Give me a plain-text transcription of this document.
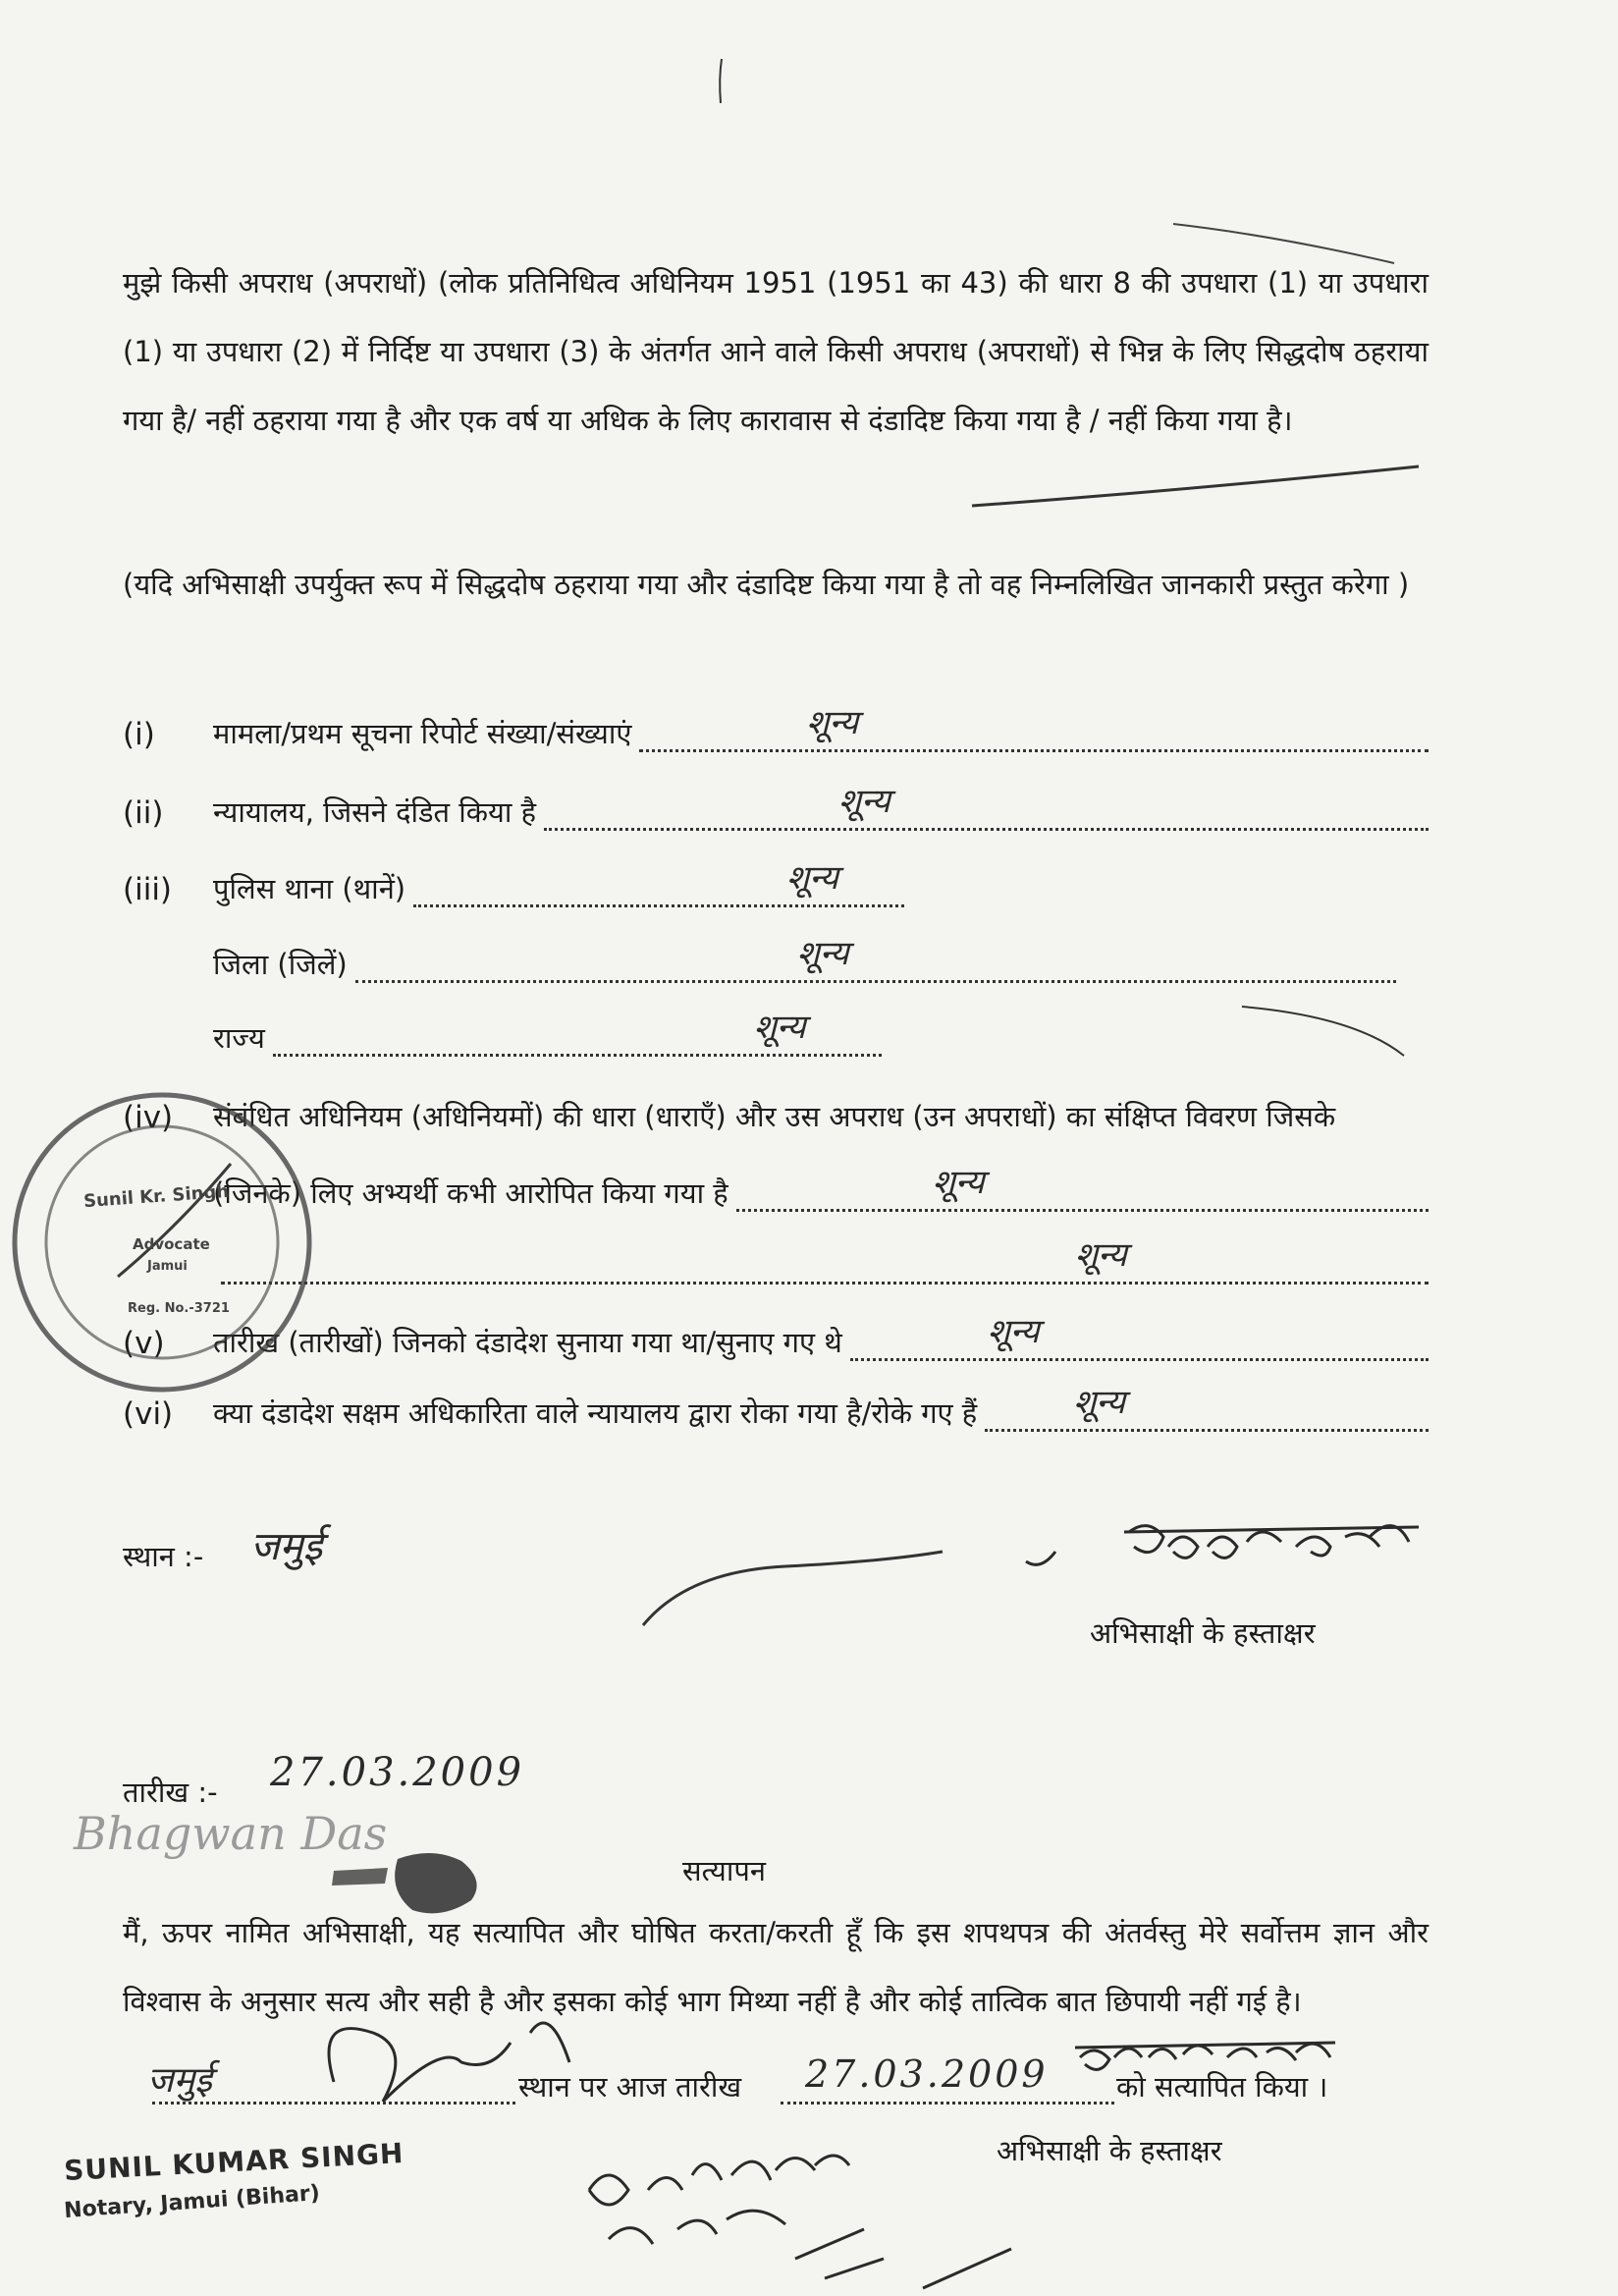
मुझे किसी अपराध (अपराधों) (लोक प्रतिनिधित्व अधिनियम 1951 (1951 का 43) की धारा 8 की उपधारा (1) या उपधारा (1) या उपधारा (2) में निर्दिष्ट या उपधारा (3) के अंतर्गत आने वाले किसी अपराध (अपराधों) से भिन्न के लिए सिद्धदोष ठहराया गया है/ नहीं ठहराया गया है और एक वर्ष या अधिक के लिए कारावास से दंडादिष्ट किया गया है / नहीं किया गया है।
(यदि अभिसाक्षी उपर्युक्त रूप में सिद्धदोष ठहराया गया और दंडादिष्ट किया गया है तो वह निम्नलिखित जानकारी प्रस्तुत करेगा )
(i)	मामला/प्रथम सूचना रिपोर्ट संख्या/संख्याएं	शून्य
(ii)	न्यायालय, जिसने दंडित किया है	शून्य
(iii)	पुलिस थाना (थानें)	शून्य
जिला (जिलें)	शून्य
राज्य	शून्य
(iv)	संबंधित अधिनियम (अधिनियमों) की धारा (धाराएँ) और उस अपराध (उन अपराधों) का संक्षिप्त विवरण जिसके
(जिनके) लिए अभ्यर्थी कभी आरोपित किया गया है	शून्य
शून्य
(v)	तारीख (तारीखों) जिनको दंडादेश सुनाया गया था/सुनाए गए थे	शून्य
(vi)	क्या दंडादेश सक्षम अधिकारिता वाले न्यायालय द्वारा रोका गया है/रोके गए हैं	शून्य
स्थान :- जमुई
अभिसाक्षी के हस्ताक्षर
तारीख :- 27.03.2009
सत्यापन
मैं, ऊपर नामित अभिसाक्षी, यह सत्यापित और घोषित करता/करती हूँ कि इस शपथपत्र की अंतर्वस्तु मेरे सर्वोत्तम ज्ञान और विश्वास के अनुसार सत्य और सही है और इसका कोई भाग मिथ्या नहीं है और कोई तात्विक बात छिपायी नहीं गई है।
जमुई	स्थान पर आज तारीख 27.03.2009 को सत्यापित किया ।
अभिसाक्षी के हस्ताक्षर
Sunil Kr. Singh
Advocate
Jamui
Reg. No.-3721
Bhagwan Das
SUNIL KUMAR SINGH
Notary, Jamui (Bihar)
